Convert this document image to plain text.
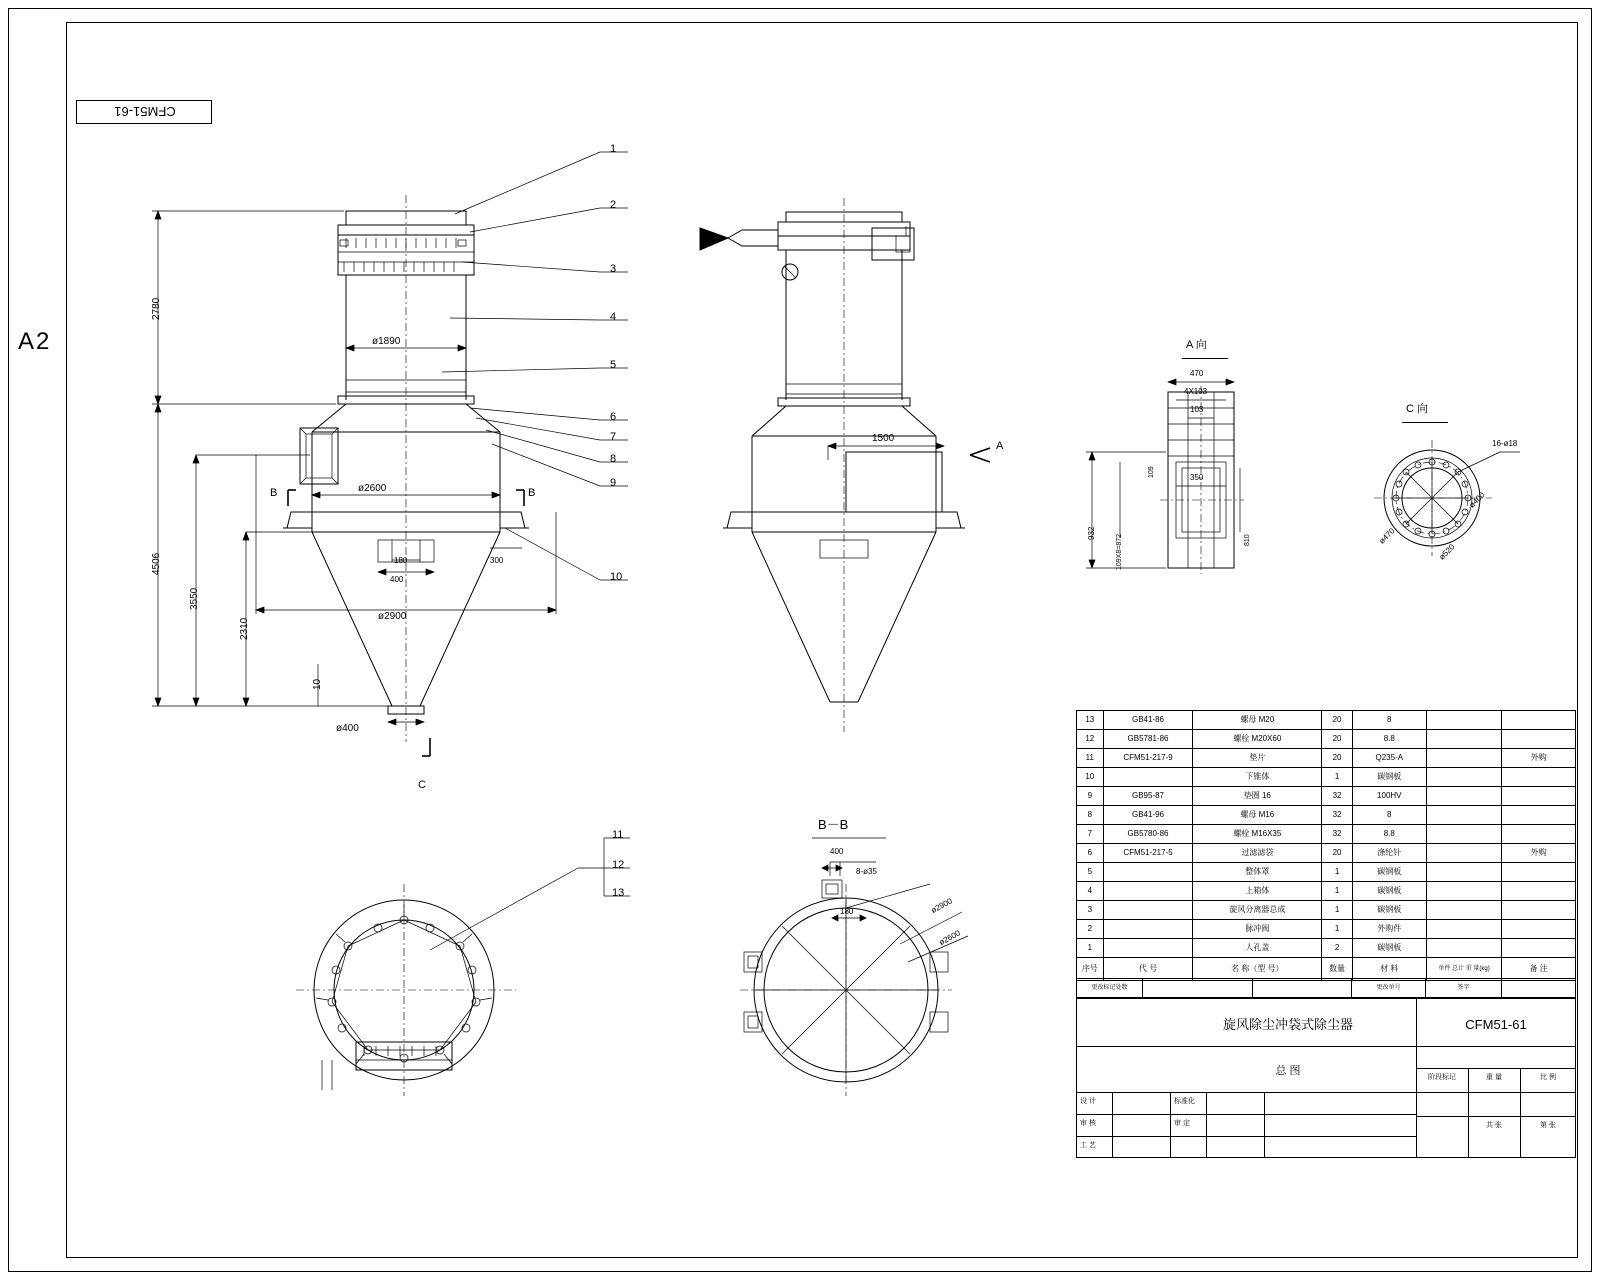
A2
CFM51-61
2780
4506
3550
2310
10
ø1890
ø2600
ø2900
ø400
400
180	300
1
2
3
4
5
6
7
8
9
10
B	B
C
1500
A
A 向
470
4X103
103
109	350
810
932
109X8=872
C 向
16-ø18
ø470
ø400
ø520
11
12
13
B－B
400
8-ø35
180	ø2900
ø2600
13	GB41-86	螺母 M20	20	8		
12	GB5781-86	螺栓 M20X60	20	8.8		
11	CFM51-217-9	垫片	20	Q235-A		外购
10		下锥体	1	碳钢板		
9	GB95-87	垫圈 16	32	100HV		
8	GB41-96	螺母 M16	32	8		
7	GB5780-86	螺栓 M16X35	32	8.8		
6	CFM51-217-5	过滤滤袋	20	涤纶针		外购
5		整体罩	1	碳钢板		
4		上箱体	1	碳钢板		
3		旋风分离器总成	1	碳钢板		
2		脉冲阀	1	外购件		
1		人孔盖	2	碳钢板		
序号	代 号	名 称（型 号）	数量	材 料	单件 总计 重 量(kg)	备 注
更改标记处数			更改单号	签字	
旋风除尘冲袋式除尘器	CFM51-61
总 图
阶段标记	重 量	比 例
共 张	第 张
设 计
审 核
工 艺
标准化
审 定
